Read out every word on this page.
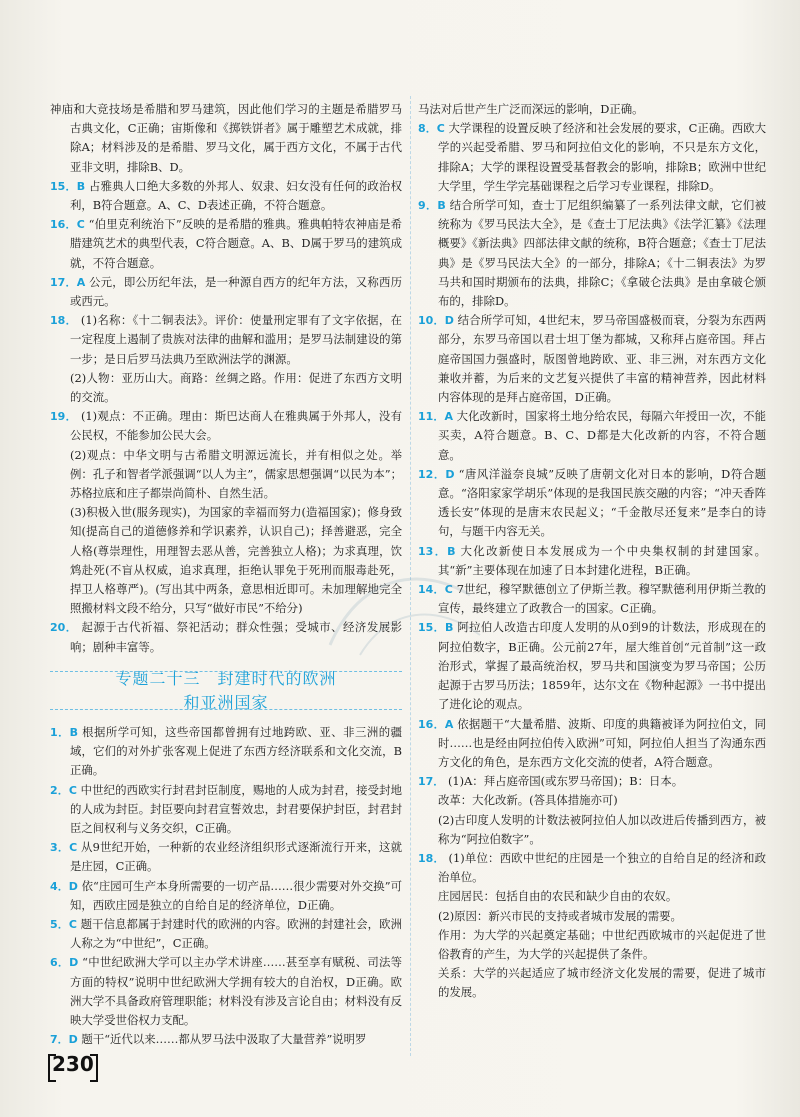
神庙和大竞技场是希腊和罗马建筑，因此他们学习的主题是希腊罗马古典文化，C正确；宙斯像和《掷铁饼者》属于雕塑艺术成就，排除A；材料涉及的是希腊、罗马文化，属于西方文化，不属于古代亚非文明，排除B、D。
15．B 占雅典人口绝大多数的外邦人、奴隶、妇女没有任何的政治权利，B符合题意。A、C、D表述正确，不符合题意。
16．C “伯里克利统治下”反映的是希腊的雅典。雅典帕特农神庙是希腊建筑艺术的典型代表，C符合题意。A、B、D属于罗马的建筑成就，不符合题意。
17．A 公元，即公历纪年法，是一种源自西方的纪年方法，又称西历或西元。
18． (1)名称：《十二铜表法》。评价：使量刑定罪有了文字依据，在一定程度上遏制了贵族对法律的曲解和滥用；是罗马法制建设的第一步；是日后罗马法典乃至欧洲法学的渊源。
(2)人物：亚历山大。商路：丝绸之路。作用：促进了东西方文明的交流。
19． (1)观点：不正确。理由：斯巴达商人在雅典属于外邦人，没有公民权，不能参加公民大会。
(2)观点：中华文明与古希腊文明源远流长，并有相似之处。举例：孔子和智者学派强调“以人为主”，儒家思想强调“以民为本”；苏格拉底和庄子都崇尚简朴、自然生活。
(3)积极入世(服务现实)，为国家的幸福而努力(造福国家)；修身致知(提高自己的道德修养和学识素养，认识自己)；择善避恶，完全人格(尊崇理性，用理智去恶从善，完善独立人格)；为求真理，饮鸩赴死(不盲从权威，追求真理，拒绝认罪免于死刑而服毒赴死，捍卫人格尊严)。(写出其中两条，意思相近即可。未加理解地完全照搬材料文段不给分，只写“做好市民”不给分)
20． 起源于古代祈福、祭祀活动；群众性强；受城市、经济发展影响；剧种丰富等。
专题二十三　封建时代的欧洲
和亚洲国家
1．B 根据所学可知，这些帝国都曾拥有过地跨欧、亚、非三洲的疆域，它们的对外扩张客观上促进了东西方经济联系和文化交流，B正确。
2．C 中世纪的西欧实行封君封臣制度，赐地的人成为封君，接受封地的人成为封臣。封臣要向封君宣誓效忠，封君要保护封臣，封君封臣之间权利与义务交织，C正确。
3．C 从9世纪开始，一种新的农业经济组织形式逐渐流行开来，这就是庄园，C正确。
4．D 依“庄园可生产本身所需要的一切产品……很少需要对外交换”可知，西欧庄园是独立的自给自足的经济单位，D正确。
5．C 题干信息都属于封建时代的欧洲的内容。欧洲的封建社会，欧洲人称之为“中世纪”，C正确。
6．D “中世纪欧洲大学可以主办学术讲座……甚至享有赋税、司法等方面的特权”说明中世纪欧洲大学拥有较大的自治权，D正确。欧洲大学不具备政府管理职能；材料没有涉及言论自由；材料没有反映大学受世俗权力支配。
7．D 题干“近代以来……都从罗马法中汲取了大量营养”说明罗
马法对后世产生广泛而深远的影响，D正确。
8．C 大学课程的设置反映了经济和社会发展的要求，C正确。西欧大学的兴起受希腊、罗马和阿拉伯文化的影响，不只是东方文化，排除A；大学的课程设置受基督教会的影响，排除B；欧洲中世纪大学里，学生学完基础课程之后学习专业课程，排除D。
9．B 结合所学可知，查士丁尼组织编纂了一系列法律文献，它们被统称为《罗马民法大全》，是《查士丁尼法典》《法学汇纂》《法理概要》《新法典》四部法律文献的统称，B符合题意；《查士丁尼法典》是《罗马民法大全》的一部分，排除A；《十二铜表法》为罗马共和国时期颁布的法典，排除C；《拿破仑法典》是由拿破仑颁布的，排除D。
10．D 结合所学可知，4世纪末，罗马帝国盛极而衰，分裂为东西两部分，东罗马帝国以君士坦丁堡为都城，又称拜占庭帝国。拜占庭帝国国力强盛时，版图曾地跨欧、亚、非三洲，对东西方文化兼收并蓄，为后来的文艺复兴提供了丰富的精神营养，因此材料内容体现的是拜占庭帝国，D正确。
11．A 大化改新时，国家将土地分给农民，每隔六年授田一次，不能买卖，A符合题意。B、C、D都是大化改新的内容，不符合题意。
12．D “唐风洋溢奈良城”反映了唐朝文化对日本的影响，D符合题意。“洛阳家家学胡乐”体现的是我国民族交融的内容；“冲天香阵透长安”体现的是唐末农民起义；“千金散尽还复来”是李白的诗句，与题干内容无关。
13．B 大化改新使日本发展成为一个中央集权制的封建国家。其“新”主要体现在加速了日本封建化进程，B正确。
14．C 7世纪，穆罕默德创立了伊斯兰教。穆罕默德利用伊斯兰教的宣传，最终建立了政教合一的国家。C正确。
15．B 阿拉伯人改造古印度人发明的从0到9的计数法，形成现在的阿拉伯数字，B正确。公元前27年，屋大维首创“元首制”这一政治形式，掌握了最高统治权，罗马共和国演变为罗马帝国；公历起源于古罗马历法；1859年，达尔文在《物种起源》一书中提出了进化论的观点。
16．A 依据题干“大量希腊、波斯、印度的典籍被译为阿拉伯文，同时……也是经由阿拉伯传入欧洲”可知，阿拉伯人担当了沟通东西方文化的角色，是东西方文化交流的使者，A符合题意。
17． (1)A：拜占庭帝国(或东罗马帝国)；B：日本。
改革：大化改新。(答具体措施亦可)
(2)古印度人发明的计数法被阿拉伯人加以改进后传播到西方，被称为“阿拉伯数字”。
18． (1)单位：西欧中世纪的庄园是一个独立的自给自足的经济和政治单位。
庄园居民：包括自由的农民和缺少自由的农奴。
(2)原因：新兴市民的支持或者城市发展的需要。
作用：为大学的兴起奠定基础；中世纪西欧城市的兴起促进了世俗教育的产生，为大学的兴起提供了条件。
关系：大学的兴起适应了城市经济文化发展的需要，促进了城市的发展。
230
